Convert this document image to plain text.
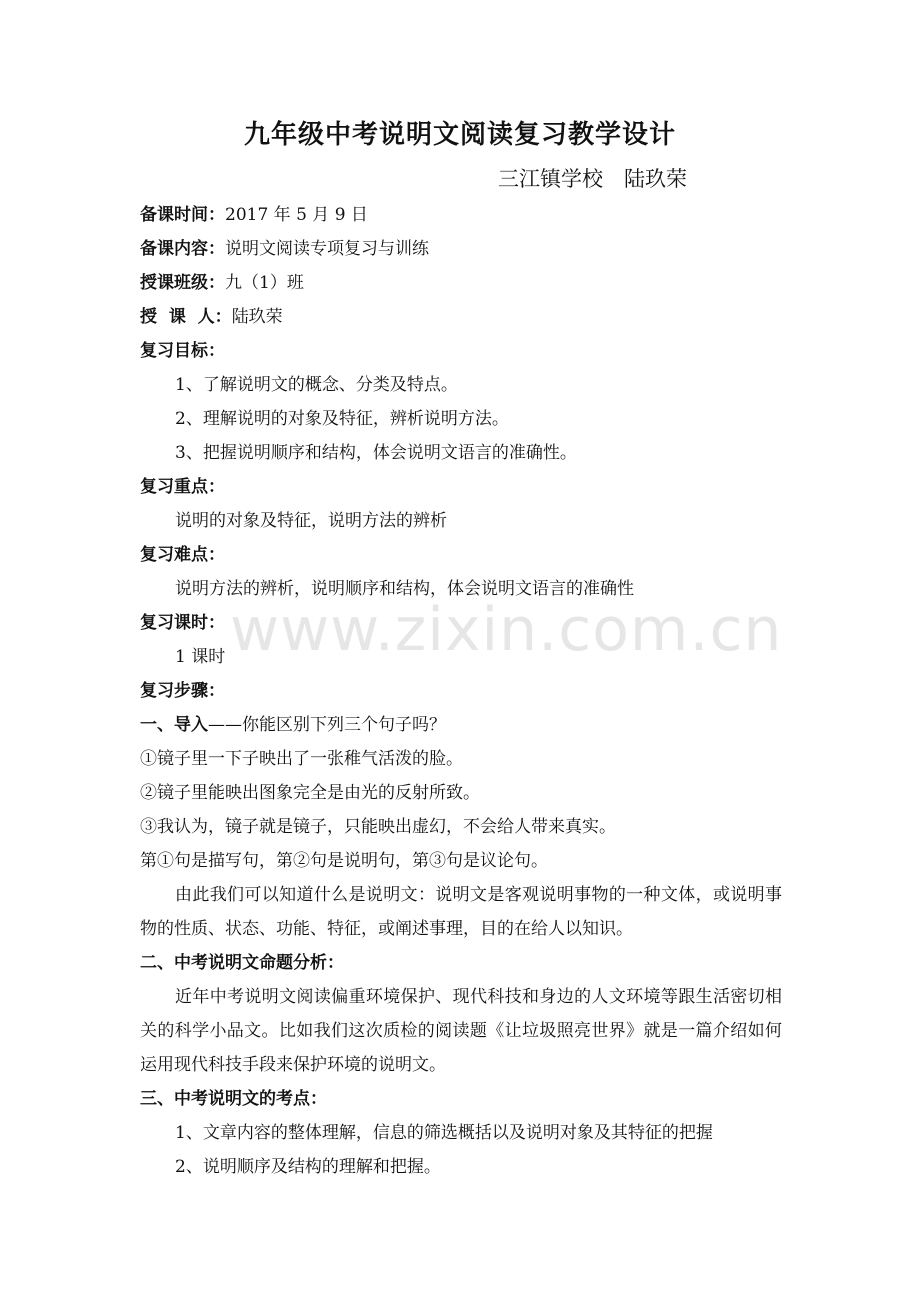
九年级中考说明文阅读复习教学设计
三江镇学校　陆玖荣
备课时间：2017 年 5 月 9 日
备课内容：说明文阅读专项复习与训练
授课班级：九（1）班
授  课  人：陆玖荣
复习目标：
1、了解说明文的概念、分类及特点。
2、理解说明的对象及特征，辨析说明方法。
3、把握说明顺序和结构，体会说明文语言的准确性。
复习重点：
说明的对象及特征，说明方法的辨析
复习难点：
说明方法的辨析，说明顺序和结构，体会说明文语言的准确性
复习课时：
1 课时
复习步骤：
一、导入——你能区别下列三个句子吗？
①镜子里一下子映出了一张稚气活泼的脸。
②镜子里能映出图象完全是由光的反射所致。
③我认为，镜子就是镜子，只能映出虚幻，不会给人带来真实。
第①句是描写句，第②句是说明句，第③句是议论句。
由此我们可以知道什么是说明文：说明文是客观说明事物的一种文体，或说明事物的性质、状态、功能、特征，或阐述事理，目的在给人以知识。
二、中考说明文命题分析：
近年中考说明文阅读偏重环境保护、现代科技和身边的人文环境等跟生活密切相关的科学小品文。比如我们这次质检的阅读题《让垃圾照亮世界》就是一篇介绍如何运用现代科技手段来保护环境的说明文。
三、中考说明文的考点：
1、文章内容的整体理解，信息的筛选概括以及说明对象及其特征的把握
2、说明顺序及结构的理解和把握。
www.zixin.com.cn
